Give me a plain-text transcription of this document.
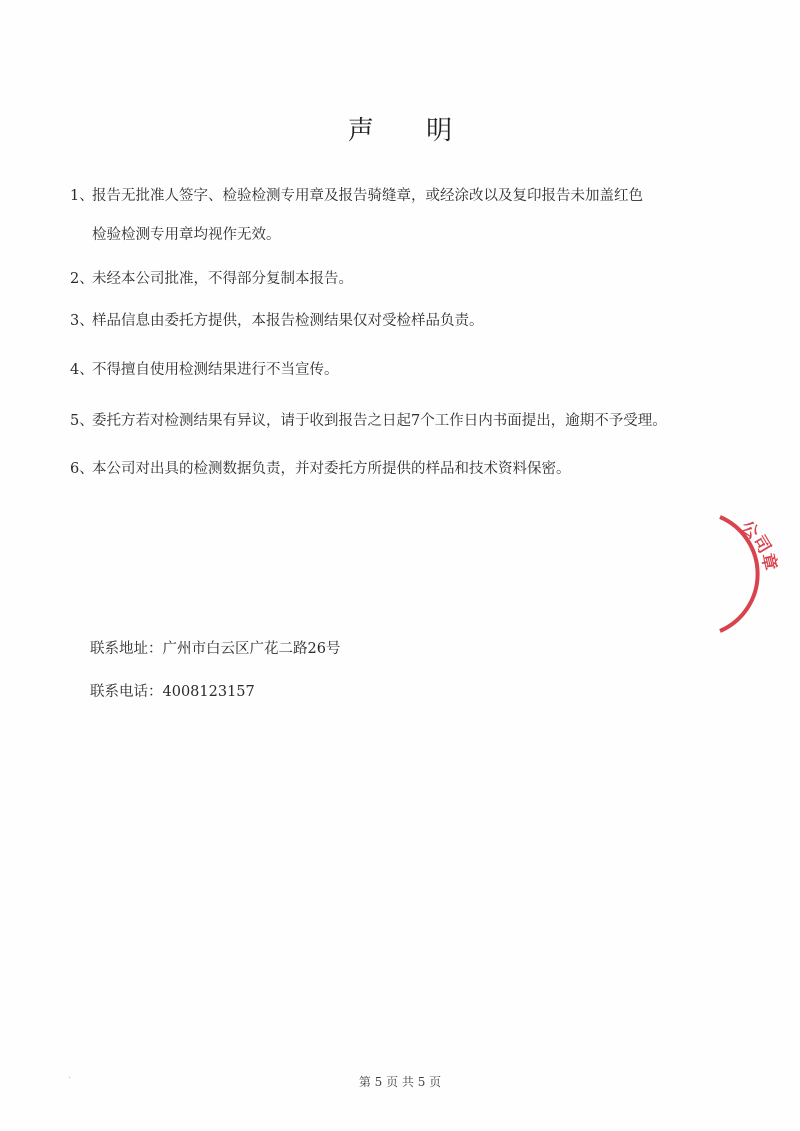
声 明
1、报告无批准人签字、检验检测专用章及报告骑缝章，或经涂改以及复印报告未加盖红色
检验检测专用章均视作无效。
2、未经本公司批准，不得部分复制本报告。
3、样品信息由委托方提供，本报告检测结果仅对受检样品负责。
4、不得擅自使用检测结果进行不当宣传。
5、委托方若对检测结果有异议，请于收到报告之日起7个工作日内书面提出，逾期不予受理。
6、本公司对出具的检测数据负责，并对委托方所提供的样品和技术资料保密。
联系地址：广州市白云区广花二路26号
联系电话：4008123157
公司章
·	第 5 页 共 5 页
